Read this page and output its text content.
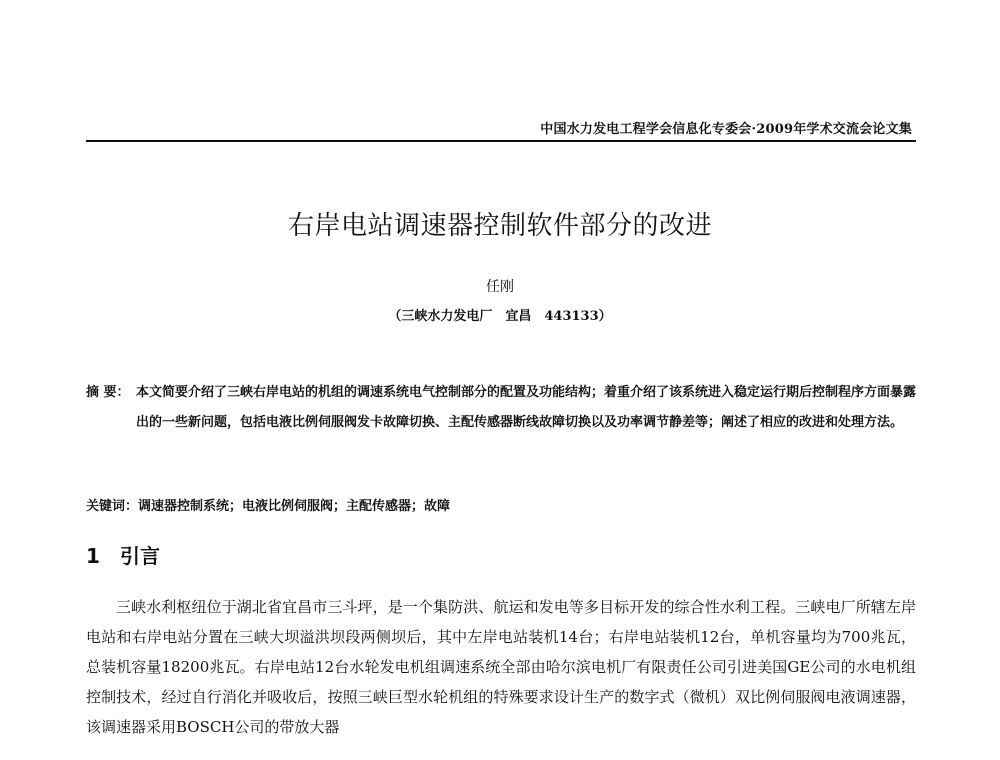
中国水力发电工程学会信息化专委会·2009年学术交流会论文集
右岸电站调速器控制软件部分的改进
任刚
（三峡水力发电厂　宜昌　443133）
摘 要： 本文简要介绍了三峡右岸电站的机组的调速系统电气控制部分的配置及功能结构；着重介绍了该系统进入稳定运行期后控制程序方面暴露出的一些新问题，包括电液比例伺服阀发卡故障切换、主配传感器断线故障切换以及功率调节静差等；阐述了相应的改进和处理方法。
关键词：调速器控制系统；电液比例伺服阀；主配传感器；故障
1 引言

三峡水利枢纽位于湖北省宜昌市三斗坪，是一个集防洪、航运和发电等多目标开发的综合性水利工程。三峡电厂所辖左岸电站和右岸电站分置在三峡大坝溢洪坝段两侧坝后，其中左岸电站装机14台；右岸电站装机12台，单机容量均为700兆瓦，总装机容量18200兆瓦。右岸电站12台水轮发电机组调速系统全部由哈尔滨电机厂有限责任公司引进美国GE公司的水电机组控制技术，经过自行消化并吸收后，按照三峡巨型水轮机组的特殊要求设计生产的数字式（微机）双比例伺服阀电液调速器，该调速器采用BOSCH公司的带放大器
